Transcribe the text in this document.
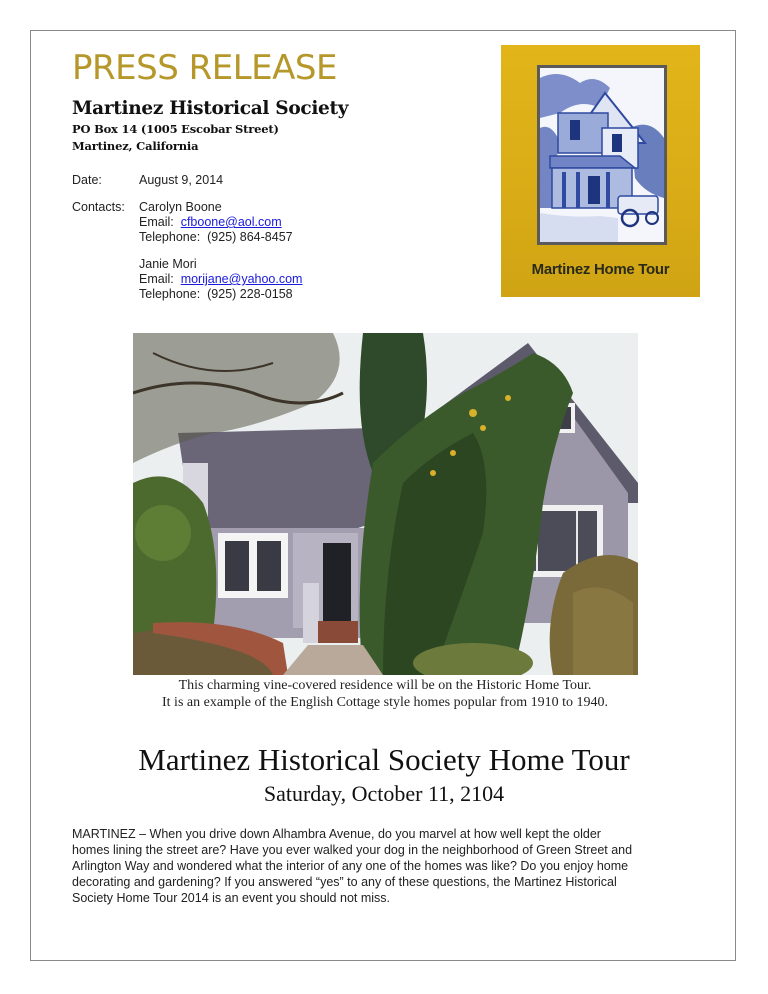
PRESS RELEASE
Martinez Historical Society
PO Box 14 (1005 Escobar Street)
Martinez, California
Date:	August 9, 2014
Contacts: Carolyn Boone
Email: cfboone@aol.com
Telephone: (925) 864-8457
Janie Mori
Email: morijane@yahoo.com
Telephone: (925) 228-0158
Martinez Home Tour
This charming vine-covered residence will be on the Historic Home Tour.
It is an example of the English Cottage style homes popular from 1910 to 1940.
Martinez Historical Society Home Tour
Saturday, October 11, 2104
MARTINEZ – When you drive down Alhambra Avenue, do you marvel at how well kept the older
homes lining the street are? Have you ever walked your dog in the neighborhood of Green Street and
Arlington Way and wondered what the interior of any one of the homes was like? Do you enjoy home
decorating and gardening? If you answered “yes” to any of these questions, the Martinez Historical
Society Home Tour 2014 is an event you should not miss.
